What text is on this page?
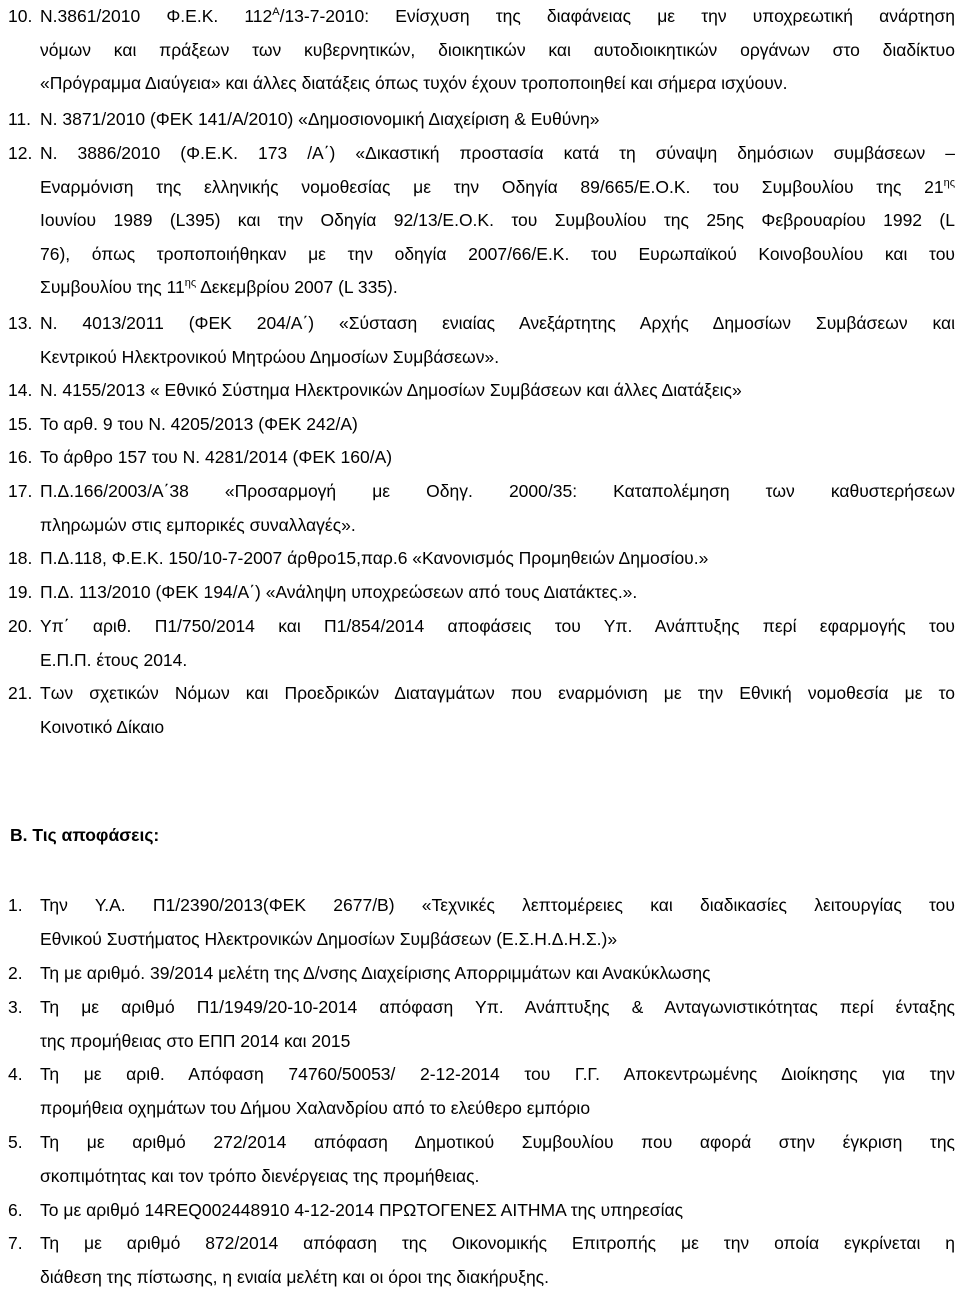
10. Ν.3861/2010 Φ.Ε.Κ. $112^A/13-7-2010$: Ενίσχυση της διαφάνειας με την υποχρεωτική ανάρτηση
νόμων και πράξεων των κυβερνητικών, διοικητικών και αυτοδιοικητικών οργάνων στο διαδίκτυο
«Πρόγραμμα Διαύγεια» και άλλες διατάξεις όπως τυχόν έχουν τροποποιηθεί και σήμερα ισχύουν.
11. Ν. 3871/2010 (ΦΕΚ 141/Α/2010) «Δημοσιονομική Διαχείριση & Ευθύνη»
12. Ν. 3886/2010 (Φ.Ε.Κ. 173 /Α΄) «Δικαστική προστασία κατά τη σύναψη δημόσιων συμβάσεων –
Εναρμόνιση της ελληνικής νομοθεσίας με την Οδηγία 89/665/Ε.Ο.Κ. του Συμβουλίου της $21^{\eta\varsigma}$
Ιουνίου 1989 (L395) και την Οδηγία 92/13/Ε.Ο.Κ. του Συμβουλίου της 25ης Φεβρουαρίου 1992 (L
76), όπως τροποποιήθηκαν με την οδηγία 2007/66/Ε.Κ. του Ευρωπαϊκού Κοινοβουλίου και του
Συμβουλίου της $11^{\eta\varsigma}$ Δεκεμβρίου 2007 (L 335).
13. Ν. 4013/2011 (ΦΕΚ 204/Α΄) «Σύσταση ενιαίας Ανεξάρτητης Αρχής Δημοσίων Συμβάσεων και
Κεντρικού Ηλεκτρονικού Μητρώου Δημοσίων Συμβάσεων».
14. Ν. 4155/2013 « Εθνικό Σύστημα Ηλεκτρονικών Δημοσίων Συμβάσεων και άλλες Διατάξεις»
15. Το αρθ. 9 του Ν. 4205/2013 (ΦΕΚ 242/Α)
16. Το άρθρο 157 του Ν. 4281/2014 (ΦΕΚ 160/Α)
17. Π.Δ.166/2003/Α΄38 «Προσαρμογή με Οδηγ. 2000/35: Καταπολέμηση των καθυστερήσεων
πληρωμών στις εμπορικές συναλλαγές».
18. Π.Δ.118, Φ.Ε.Κ. 150/10-7-2007 άρθρο15,παρ.6 «Κανονισμός Προμηθειών Δημοσίου.»
19. Π.Δ. 113/2010 (ΦΕΚ 194/Α΄) «Ανάληψη υποχρεώσεων από τους Διατάκτες.».
20. Υπ΄ αριθ. Π1/750/2014 και Π1/854/2014 αποφάσεις του Υπ. Ανάπτυξης περί εφαρμογής του
Ε.Π.Π. έτους 2014.
21. Των σχετικών Νόμων και Προεδρικών Διαταγμάτων που εναρμόνιση με την Εθνική νομοθεσία με το
Κοινοτικό Δίκαιο
Β. Τις αποφάσεις:
1. Την Υ.Α. Π1/2390/2013(ΦΕΚ 2677/Β) «Τεχνικές λεπτομέρειες και διαδικασίες λειτουργίας του
Εθνικού Συστήματος Ηλεκτρονικών Δημοσίων Συμβάσεων (Ε.Σ.Η.Δ.Η.Σ.)»
2. Τη με αριθμό. 39/2014 μελέτη της Δ/νσης Διαχείρισης Απορριμμάτων και Ανακύκλωσης
3. Τη με αριθμό Π1/1949/20-10-2014 απόφαση Υπ. Ανάπτυξης & Ανταγωνιστικότητας περί ένταξης
της προμήθειας στο ΕΠΠ 2014 και 2015
4. Τη με αριθ. Απόφαση 74760/50053/ 2-12-2014 του Γ.Γ. Αποκεντρωμένης Διοίκησης για την
προμήθεια οχημάτων του Δήμου Χαλανδρίου από το ελεύθερο εμπόριο
5. Τη με αριθμό 272/2014 απόφαση Δημοτικού Συμβουλίου που αφορά στην έγκριση της
σκοπιμότητας και τον τρόπο διενέργειας της προμήθειας.
6. Το με αριθμό 14REQ002448910 4-12-2014 ΠΡΩΤΟΓΕΝΕΣ ΑΙΤΗΜΑ της υπηρεσίας
7. Τη με αριθμό 872/2014 απόφαση της Οικονομικής Επιτροπής με την οποία εγκρίνεται η
διάθεση της πίστωσης, η ενιαία μελέτη και οι όροι της διακήρυξης.
